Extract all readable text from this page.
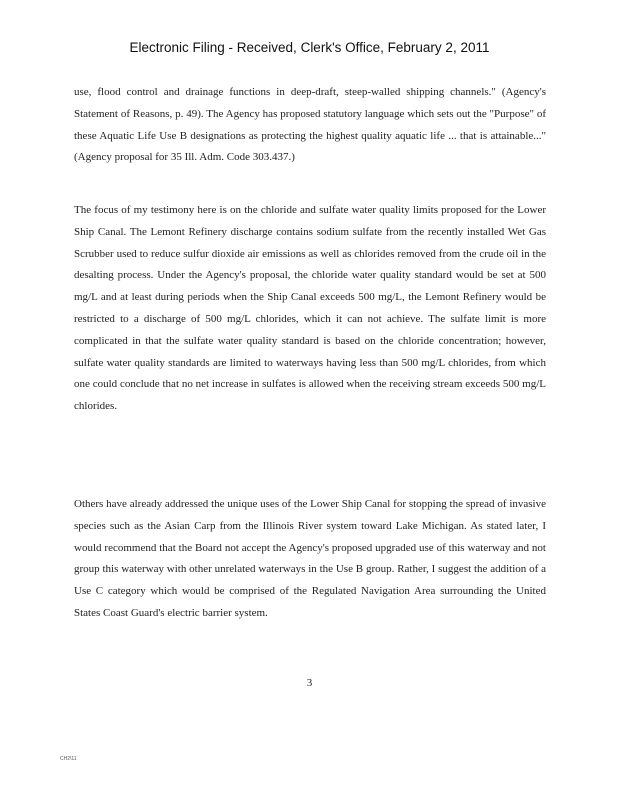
Electronic Filing - Received, Clerk's Office, February 2, 2011

use, flood control and drainage functions in deep-draft, steep-walled shipping channels." (Agency's Statement of Reasons, p. 49). The Agency has proposed statutory language which sets out the "Purpose" of these Aquatic Life Use B designations as protecting the highest quality aquatic life ... that is attainable..." (Agency proposal for 35 Ill. Adm. Code 303.437.)

The focus of my testimony here is on the chloride and sulfate water quality limits proposed for the Lower Ship Canal. The Lemont Refinery discharge contains sodium sulfate from the recently installed Wet Gas Scrubber used to reduce sulfur dioxide air emissions as well as chlorides removed from the crude oil in the desalting process. Under the Agency's proposal, the chloride water quality standard would be set at 500 mg/L and at least during periods when the Ship Canal exceeds 500 mg/L, the Lemont Refinery would be restricted to a discharge of 500 mg/L chlorides, which it can not achieve. The sulfate limit is more complicated in that the sulfate water quality standard is based on the chloride concentration; however, sulfate water quality standards are limited to waterways having less than 500 mg/L chlorides, from which one could conclude that no net increase in sulfates is allowed when the receiving stream exceeds 500 mg/L chlorides.

Others have already addressed the unique uses of the Lower Ship Canal for stopping the spread of invasive species such as the Asian Carp from the Illinois River system toward Lake Michigan. As stated later, I would recommend that the Board not accept the Agency's proposed upgraded use of this waterway and not group this waterway with other unrelated waterways in the Use B group. Rather, I suggest the addition of a Use C category which would be comprised of the Regulated Navigation Area surrounding the United States Coast Guard's electric barrier system.

3
CH2\11
